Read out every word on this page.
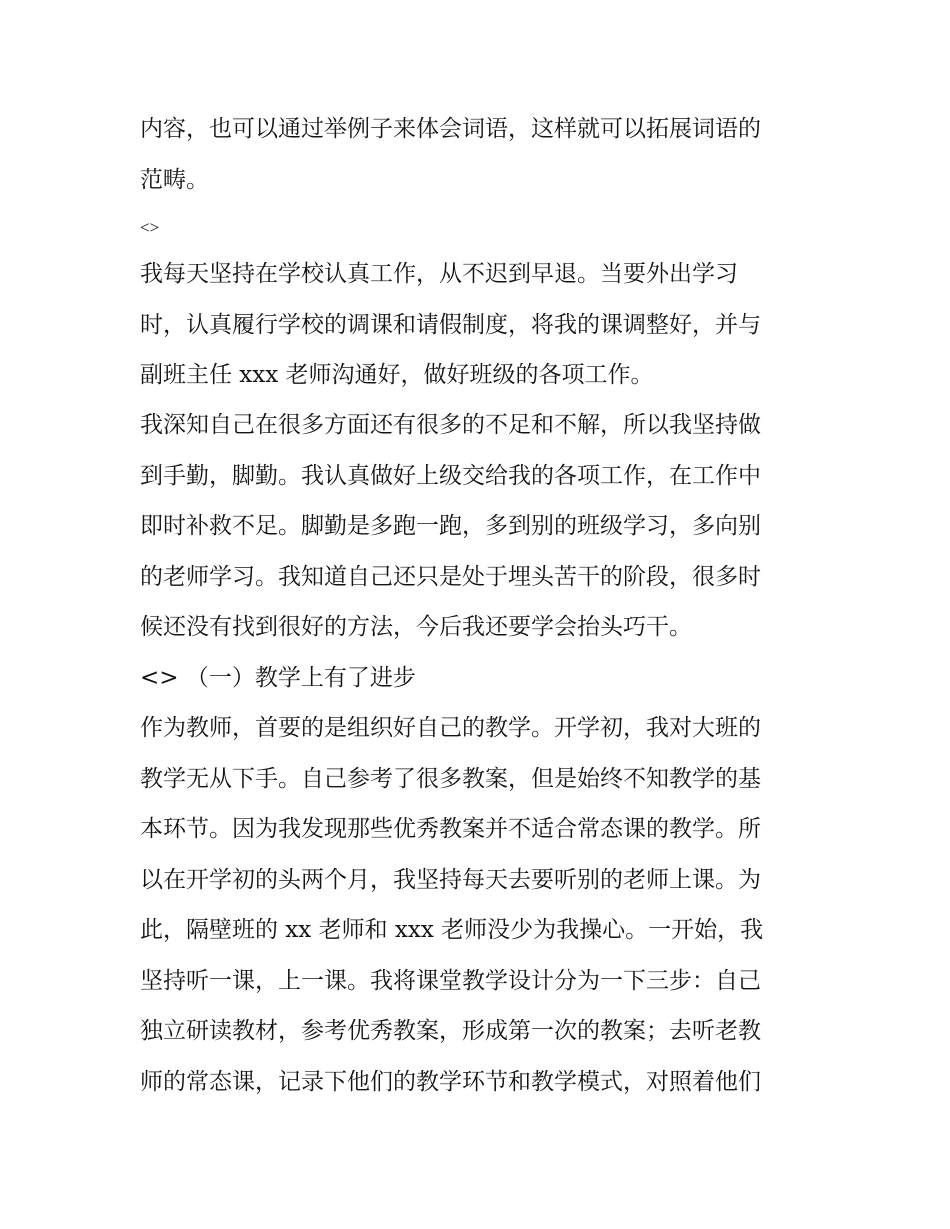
内容，也可以通过举例子来体会词语，这样就可以拓展词语的
范畴。
<>
我每天坚持在学校认真工作，从不迟到早退。当要外出学习
时，认真履行学校的调课和请假制度，将我的课调整好，并与
副班主任 xxx 老师沟通好，做好班级的各项工作。
我深知自己在很多方面还有很多的不足和不解，所以我坚持做
到手勤，脚勤。我认真做好上级交给我的各项工作，在工作中
即时补救不足。脚勤是多跑一跑，多到别的班级学习，多向别
的老师学习。我知道自己还只是处于埋头苦干的阶段，很多时
候还没有找到很好的方法，今后我还要学会抬头巧干。
<> （一）教学上有了进步
作为教师，首要的是组织好自己的教学。开学初，我对大班的
教学无从下手。自己参考了很多教案，但是始终不知教学的基
本环节。因为我发现那些优秀教案并不适合常态课的教学。所
以在开学初的头两个月，我坚持每天去要听别的老师上课。为
此，隔壁班的 xx 老师和 xxx 老师没少为我操心。一开始，我
坚持听一课，上一课。我将课堂教学设计分为一下三步：自己
独立研读教材，参考优秀教案，形成第一次的教案；去听老教
师的常态课，记录下他们的教学环节和教学模式，对照着他们
